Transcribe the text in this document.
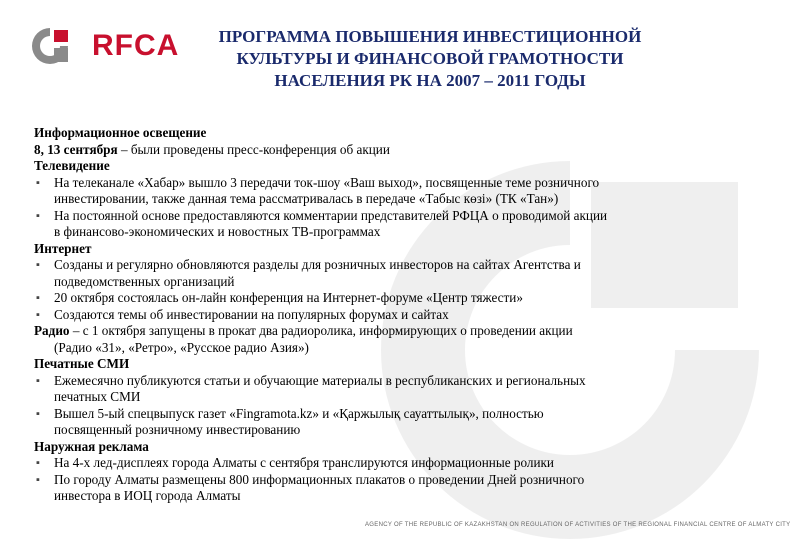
RFCA	ПРОГРАММА ПОВЫШЕНИЯ ИНВЕСТИЦИОННОЙ
КУЛЬТУРЫ И ФИНАНСОВОЙ ГРАМОТНОСТИ
НАСЕЛЕНИЯ РК НА 2007 – 2011 ГОДЫ
Информационное освещение
8, 13 сентября – были проведены пресс-конференция об акции
Телевидение
▪ На телеканале «Хабар» вышло 3 передачи ток-шоу «Ваш выход», посвященные теме розничного
инвестировании, также данная тема рассматривалась в передаче «Табыс көзі» (ТК «Тан»)
▪ На постоянной основе предоставляются комментарии представителей РФЦА о проводимой акции
в финансово-экономических и новостных ТВ-программах
Интернет
▪ Созданы и регулярно обновляются разделы для розничных инвесторов на сайтах Агентства и
подведомственных организаций
▪ 20 октября состоялась он-лайн конференция на Интернет-форуме «Центр тяжести»
▪ Создаются темы об инвестировании на популярных форумах и сайтах
Радио – с 1 октября запущены в прокат два радиоролика, информирующих о проведении акции
(Радио «31», «Ретро», «Русское радио Азия»)
Печатные СМИ
▪ Ежемесячно публикуются статьи и обучающие материалы в республиканских и региональных
печатных СМИ
▪ Вышел 5-ый спецвыпуск газет «Fingramota.kz» и «Қаржылық сауаттылық», полностью
посвященный розничному инвестированию
Наружная реклама
▪ На 4-х лед-дисплеях города Алматы с сентября транслируются информационные ролики
▪ По городу Алматы размещены 800 информационных плакатов о проведении Дней розничного
инвестора в ИОЦ города Алматы
AGENCY OF THE REPUBLIC OF KAZAKHSTAN ON REGULATION OF ACTIVITIES OF THE REGIONAL FINANCIAL CENTRE OF ALMATY CITY
